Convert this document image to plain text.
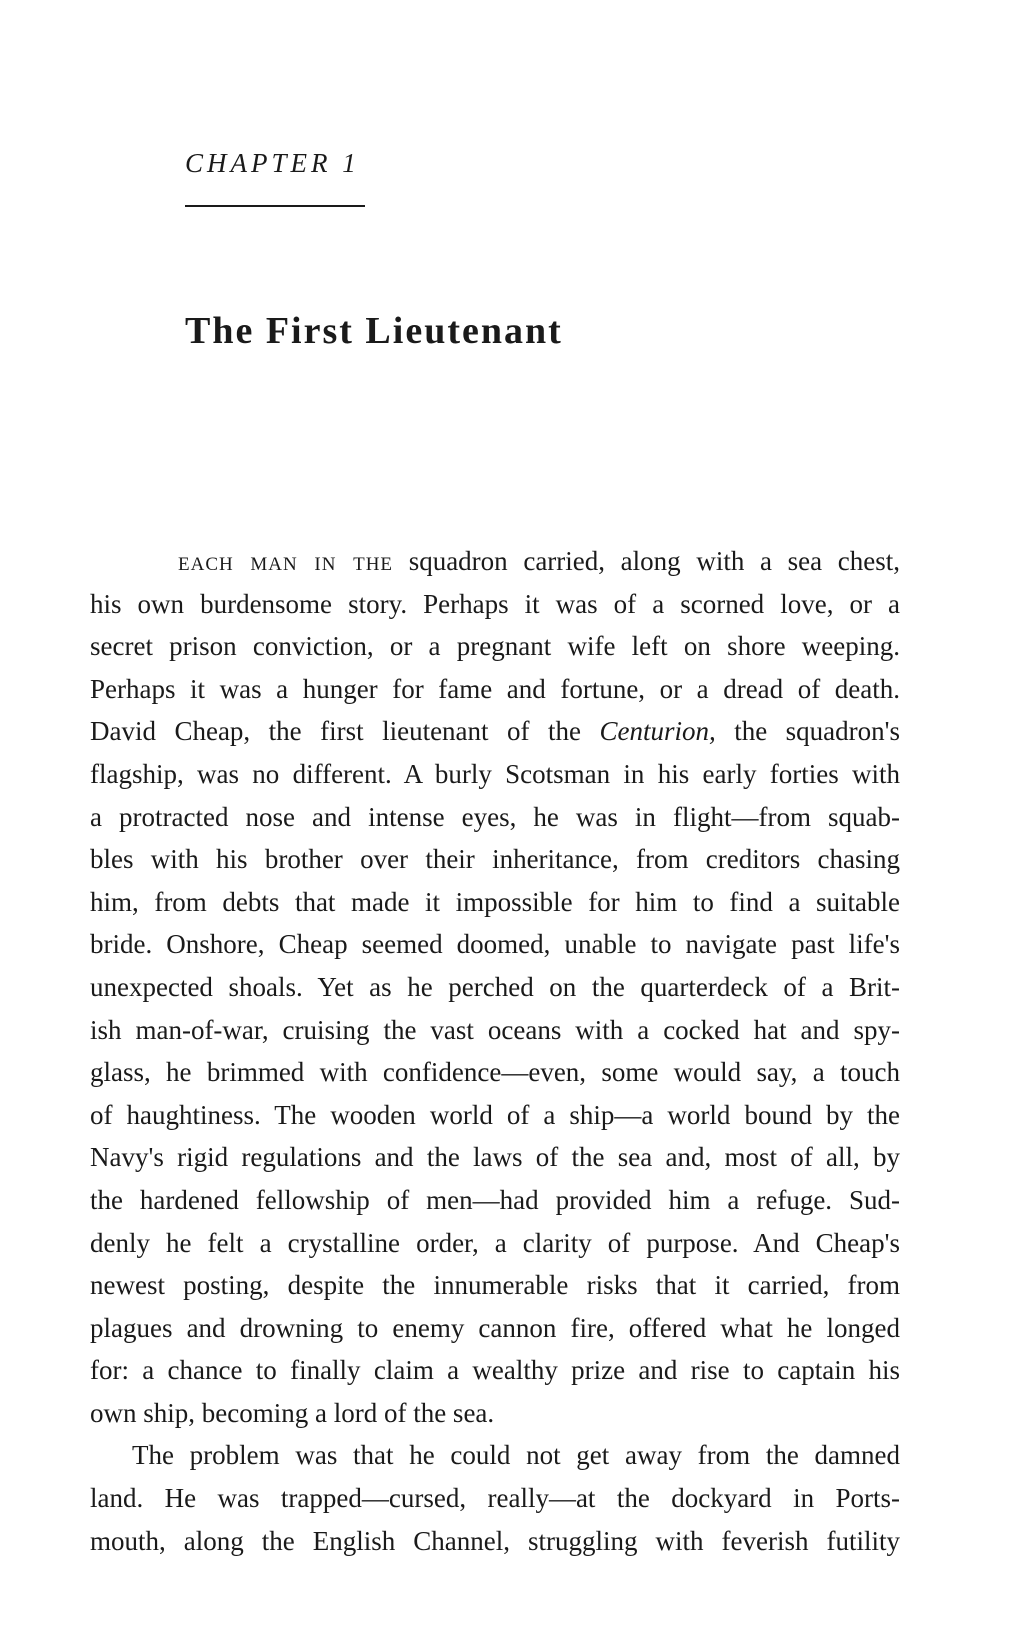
CHAPTER 1
The First Lieutenant
each man in the squadron carried, along with a sea chest,
his own burdensome story. Perhaps it was of a scorned love, or a
secret prison conviction, or a pregnant wife left on shore weeping.
Perhaps it was a hunger for fame and fortune, or a dread of death.
David Cheap, the first lieutenant of the Centurion, the squadron's
flagship, was no different. A burly Scotsman in his early forties with
a protracted nose and intense eyes, he was in flight—from squab-
bles with his brother over their inheritance, from creditors chasing
him, from debts that made it impossible for him to find a suitable
bride. Onshore, Cheap seemed doomed, unable to navigate past life's
unexpected shoals. Yet as he perched on the quarterdeck of a Brit-
ish man-of-war, cruising the vast oceans with a cocked hat and spy-
glass, he brimmed with confidence—even, some would say, a touch
of haughtiness. The wooden world of a ship—a world bound by the
Navy's rigid regulations and the laws of the sea and, most of all, by
the hardened fellowship of men—had provided him a refuge. Sud-
denly he felt a crystalline order, a clarity of purpose. And Cheap's
newest posting, despite the innumerable risks that it carried, from
plagues and drowning to enemy cannon fire, offered what he longed
for: a chance to finally claim a wealthy prize and rise to captain his
own ship, becoming a lord of the sea.
The problem was that he could not get away from the damned
land. He was trapped—cursed, really—at the dockyard in Ports-
mouth, along the English Channel, struggling with feverish futility
